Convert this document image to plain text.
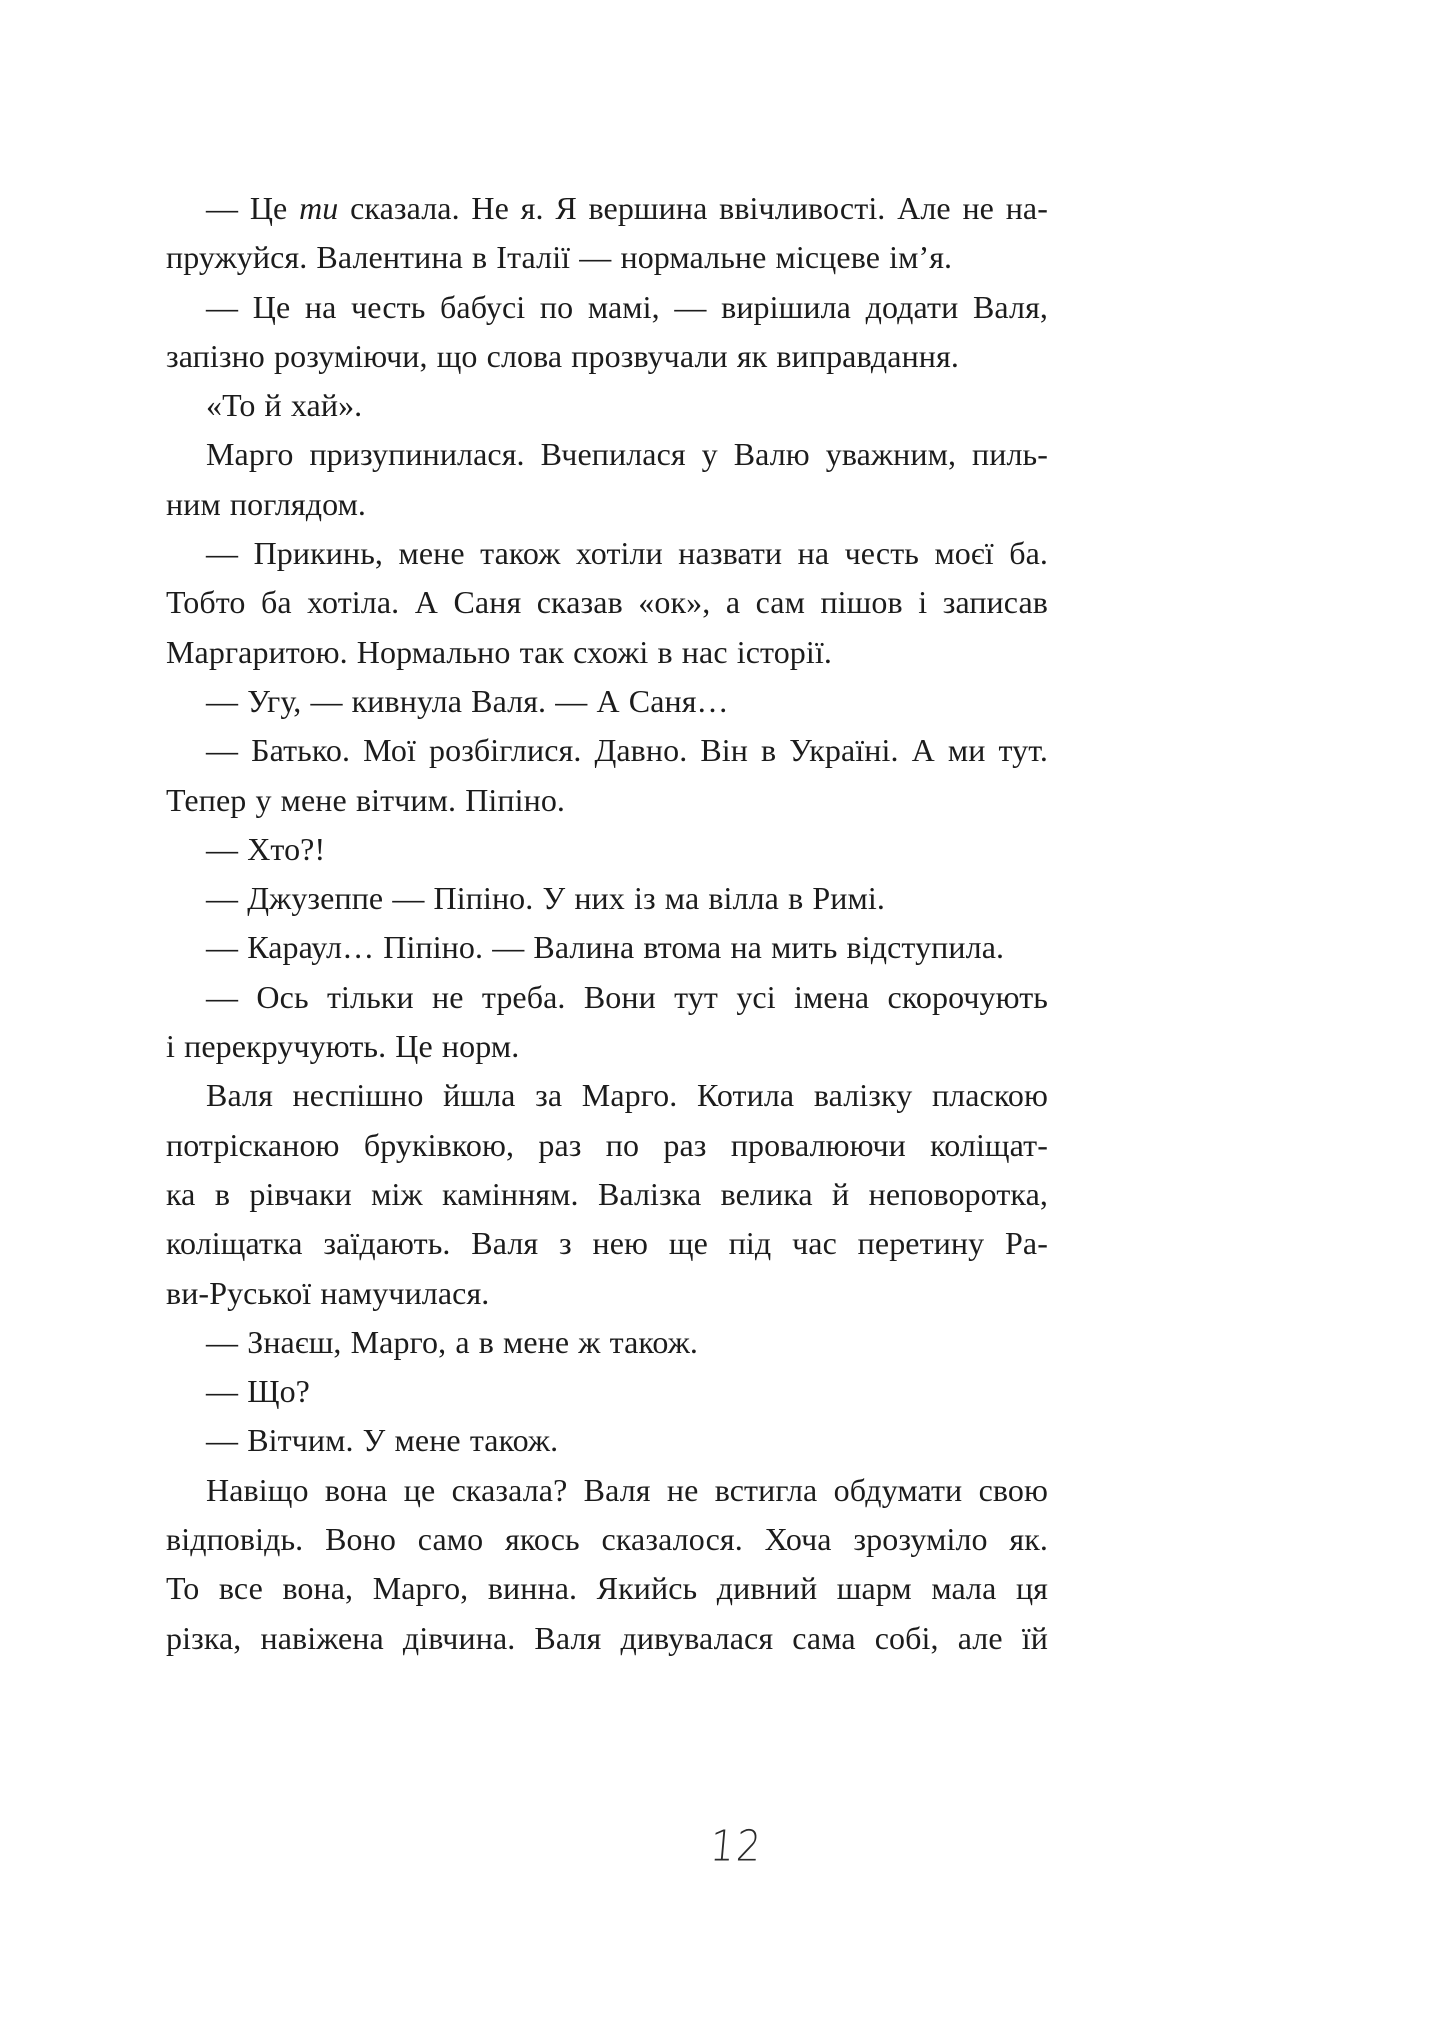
— Це ти сказала. Не я. Я вершина ввічливості. Але не на-
пружуйся. Валентина в Італії — нормальне місцеве ім’я.
— Це на честь бабусі по мамі, — вирішила додати Валя,
запізно розуміючи, що слова прозвучали як виправдання.
«То й хай».
Марго призупинилася. Вчепилася у Валю уважним, пиль-
ним поглядом.
— Прикинь, мене також хотіли назвати на честь моєї ба.
Тобто ба хотіла. А Саня сказав «ок», а сам пішов і записав
Маргаритою. Нормально так схожі в нас історії.
— Угу, — кивнула Валя. — А Саня…
— Батько. Мої розбіглися. Давно. Він в Україні. А ми тут.
Тепер у мене вітчим. Піпіно.
— Хто?!
— Джузеппе — Піпіно. У них із ма вілла в Римі.
— Караул… Піпіно. — Валина втома на мить відступила.
— Ось тільки не треба. Вони тут усі імена скорочують
і перекручують. Це норм.
Валя неспішно йшла за Марго. Котила валізку пласкою
потрісканою бруківкою, раз по раз провалюючи коліщат-
ка в рівчаки між камінням. Валізка велика й неповоротка,
коліщатка заїдають. Валя з нею ще під час перетину Ра-
ви-Руської намучилася.
— Знаєш, Марго, а в мене ж також.
— Що?
— Вітчим. У мене також.
Навіщо вона це сказала? Валя не встигла обдумати свою
відповідь. Воно само якось сказалося. Хоча зрозуміло як.
То все вона, Марго, винна. Якийсь дивний шарм мала ця
різка, навіжена дівчина. Валя дивувалася сама собі, але їй
12
